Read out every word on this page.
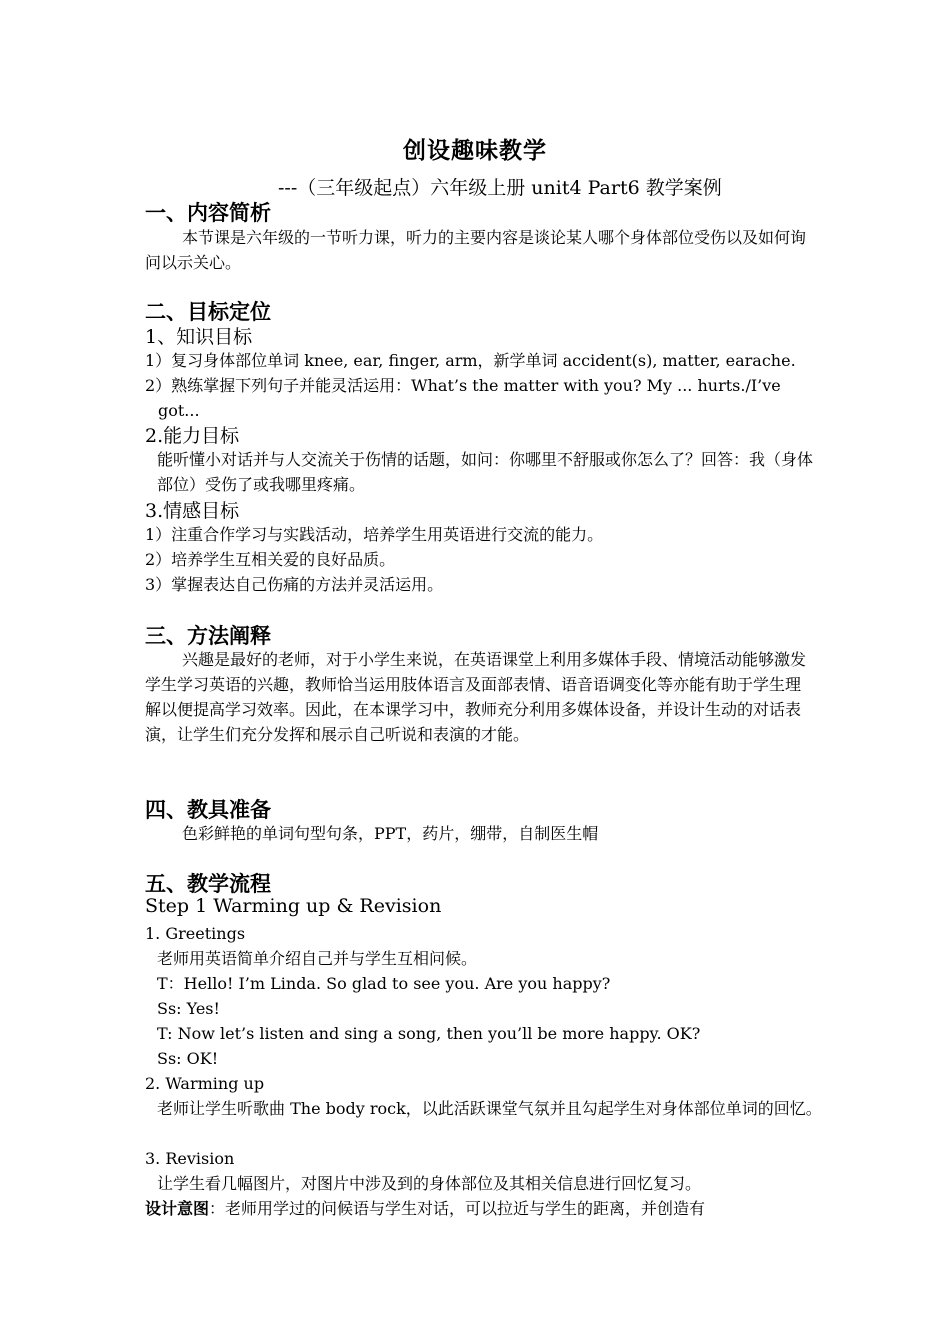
创设趣味教学
---（三年级起点）六年级上册 unit4 Part6 教学案例
一、内容简析
本节课是六年级的一节听力课，听力的主要内容是谈论某人哪个身体部位受伤以及如何询问以示关心。
二、目标定位
1、知识目标
1）复习身体部位单词 knee, ear, finger, arm，新学单词 accident(s), matter, earache.
2）熟练掌握下列句子并能灵活运用：What’s the matter with you? My ... hurts./I’ve got...
2.能力目标
能听懂小对话并与人交流关于伤情的话题，如问：你哪里不舒服或你怎么了？回答：我（身体部位）受伤了或我哪里疼痛。
3.情感目标
1）注重合作学习与实践活动，培养学生用英语进行交流的能力。
2）培养学生互相关爱的良好品质。
3）掌握表达自己伤痛的方法并灵活运用。
三、方法阐释
兴趣是最好的老师，对于小学生来说，在英语课堂上利用多媒体手段、情境活动能够激发学生学习英语的兴趣，教师恰当运用肢体语言及面部表情、语音语调变化等亦能有助于学生理解以便提高学习效率。因此，在本课学习中，教师充分利用多媒体设备，并设计生动的对话表演，让学生们充分发挥和展示自己听说和表演的才能。
四、教具准备
色彩鲜艳的单词句型句条，PPT，药片，绷带，自制医生帽
五、教学流程
Step 1 Warming up & Revision
1. Greetings
老师用英语简单介绍自己并与学生互相问候。
T：Hello! I’m Linda. So glad to see you. Are you happy?
Ss: Yes!
T: Now let’s listen and sing a song, then you’ll be more happy. OK?
Ss: OK!
2. Warming up
老师让学生听歌曲 The body rock，以此活跃课堂气氛并且勾起学生对身体部位单词的回忆。
3. Revision
让学生看几幅图片，对图片中涉及到的身体部位及其相关信息进行回忆复习。
设计意图：老师用学过的问候语与学生对话，可以拉近与学生的距离，并创造有
